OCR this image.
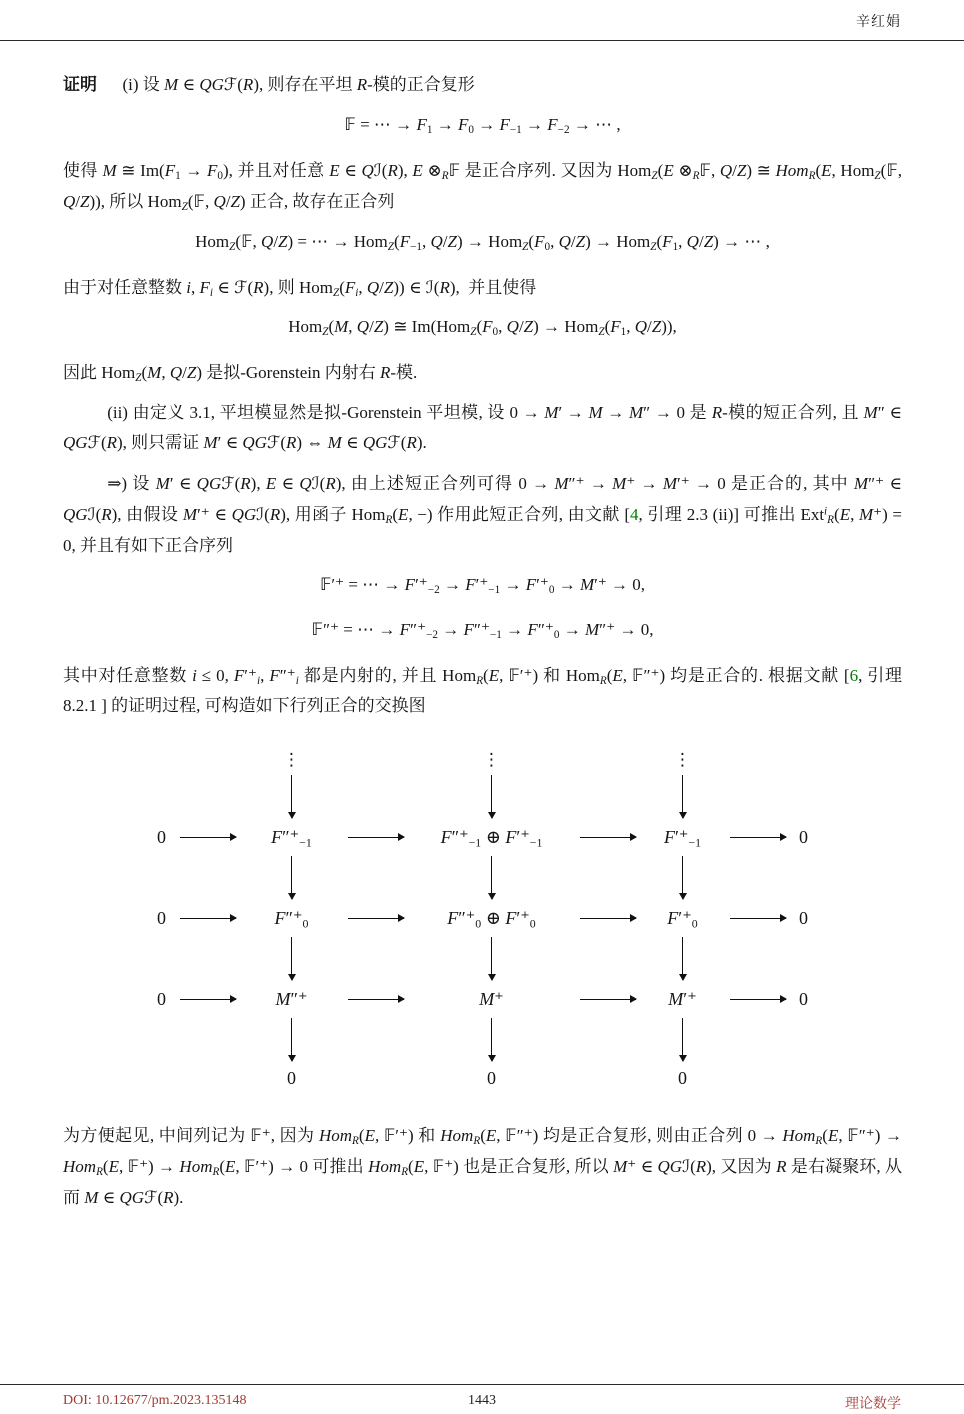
辛红娟

证明  (i) 设 M ∈ QGℱ(R), 则存在平坦 R-模的正合复形

𝔽 = ⋯ → $F_1 \to F_0 \to F_{-1} \to F_{-2}$ → ⋯ ,

使得 M ≅ $Im(F_1 \to F_0)$, 并且对任意 E ∈ Qℐ(R), E $\otimes_R𝔽$ 是正合序列. 又因为 Hom$_Z$(E $\otimes_R𝔽$, Q/Z) ≅ Hom$_R$(E, Hom$_Z$(𝔽, Q/Z)), 所以 Hom$_Z$(𝔽, Q/Z) 正合, 故存在正合列

Hom$_Z$(𝔽, Q/Z) = ⋯ → $Hom_Z(F_{-1}$, $Q/Z) \to Hom_Z(F_0$, $Q/Z) \to Hom_Z(F_1$, Q/Z) → ⋯ ,

由于对任意整数 i, $F_i$ ∈ ℱ(R), 则 $Hom_Z(F_i$, Q/Z)) ∈ ℐ(R), 并且使得

Hom$_Z$(M, Q/Z) ≅ $Im(Hom_Z(F_0$, $Q/Z) \to Hom_Z(F_1$, Q/Z)),

因此 Hom$_Z$(M, Q/Z) 是拟-Gorenstein 内射右 R-模.

(ii) 由定义 3.1, 平坦模显然是拟-Gorenstein 平坦模, 设 0 → M′ → M → M″ → 0 是 R-模的短正合列, 且 M″ ∈ QGℱ(R), 则只需证 M′ ∈ QGℱ(R) ⇔ M ∈ QGℱ(R).

⇒) 设 M′ ∈ QGℱ(R), E ∈ Qℐ(R), 由上述短正合列可得 0 → M″⁺ → M⁺ → M′⁺ → 0 是正合的, 其中 M″⁺ ∈ QGℐ(R), 由假设 M′⁺ ∈ QGℐ(R), 用函子 Hom$_R$(E, −) 作用此短正合列, 由文献 [4, 引理 2.3 (ii)] 可推出 Ext$^i_R$(E, M⁺) = 0, 并且有如下正合序列

𝔽′⁺ = ⋯ → $F'^+_{-2} \to F'^+_{-1} \to F'^+_0 \to M'^+ \to 0$,
𝔽″⁺ = ⋯ → $F''^+_{-2} \to F''^+_{-1} \to F''^+_0 \to M''^+ \to 0$,

其中对任意整数 i ≤ 0, $F'^+_i$, $F''^+_i$ 都是内射的, 并且 Hom$_R$(E, 𝔽′⁺) 和 Hom$_R$(E, 𝔽″⁺) 均是正合的. 根据文献 [6, 引理 8.2.1 ] 的证明过程, 可构造如下行列正合的交换图

⋮	⋮	⋮
0	$F''^+_{-1}$	$F''^+_{-1}$ ⊕ $F'^+_{-1}$	$F'^+_{-1}$	0
0	$F''^+_0$	$F''^+_0$ ⊕ $F'^+_0$	$F'^+_0$	0
0	M″⁺	M⁺	M′⁺	0
0	0	0

为方便起见, 中间列记为 𝔽⁺, 因为 Hom$_R$(E, 𝔽′⁺) 和 Hom$_R$(E, 𝔽″⁺) 均是正合复形, 则由正合列 0 → Hom$_R$(E, 𝔽″⁺) → Hom$_R$(E, 𝔽⁺) → Hom$_R$(E, 𝔽′⁺) → 0 可推出 Hom$_R$(E, 𝔽⁺) 也是正合复形, 所以 M⁺ ∈ QGℐ(R), 又因为 R 是右凝聚环, 从而 M ∈ QGℱ(R).

DOI: 10.12677/pm.2023.135148	1443	理论数学
